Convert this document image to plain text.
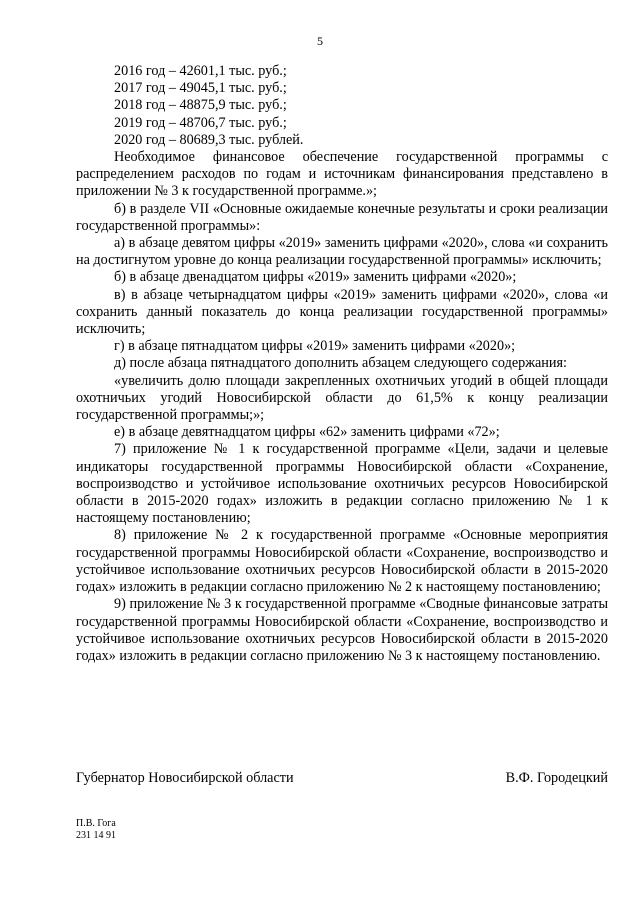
5

2016 год – 42601,1 тыс. руб.;

2017 год – 49045,1 тыс. руб.;

2018 год – 48875,9 тыс. руб.;

2019 год – 48706,7 тыс. руб.;

2020 год – 80689,3 тыс. рублей.

Необходимое финансовое обеспечение государственной программы с распределением расходов по годам и источникам финансирования представлено в приложении № 3 к государственной программе.»;

б) в разделе VII «Основные ожидаемые конечные результаты и сроки реализации государственной программы»:

а) в абзаце девятом цифры «2019» заменить цифрами «2020», слова «и сохранить на достигнутом уровне до конца реализации государственной программы» исключить;

б) в абзаце двенадцатом цифры «2019» заменить цифрами «2020»;

в) в абзаце четырнадцатом цифры «2019» заменить цифрами «2020», слова «и сохранить данный показатель до конца реализации государственной программы» исключить;

г) в абзаце пятнадцатом цифры «2019» заменить цифрами «2020»;

д) после абзаца пятнадцатого дополнить абзацем следующего содержания:

«увеличить долю площади закрепленных охотничьих угодий в общей площади охотничьих угодий Новосибирской области до 61,5% к концу реализации государственной программы;»;

е) в абзаце девятнадцатом цифры «62» заменить цифрами «72»;

7) приложение № 1 к государственной программе «Цели, задачи и целевые индикаторы государственной программы Новосибирской области «Сохранение, воспроизводство и устойчивое использование охотничьих ресурсов Новосибирской области в 2015-2020 годах» изложить в редакции согласно приложению № 1 к настоящему постановлению;

8) приложение № 2 к государственной программе «Основные мероприятия государственной программы Новосибирской области «Сохранение, воспроизводство и устойчивое использование охотничьих ресурсов Новосибирской области в 2015-2020 годах» изложить в редакции согласно приложению № 2 к настоящему постановлению;

9) приложение № 3 к государственной программе «Сводные финансовые затраты государственной программы Новосибирской области «Сохранение, воспроизводство и устойчивое использование охотничьих ресурсов Новосибирской области в 2015-2020 годах» изложить в редакции согласно приложению № 3 к настоящему постановлению.

Губернатор Новосибирской области	В.Ф. Городецкий
П.В. Гога
231 14 91
